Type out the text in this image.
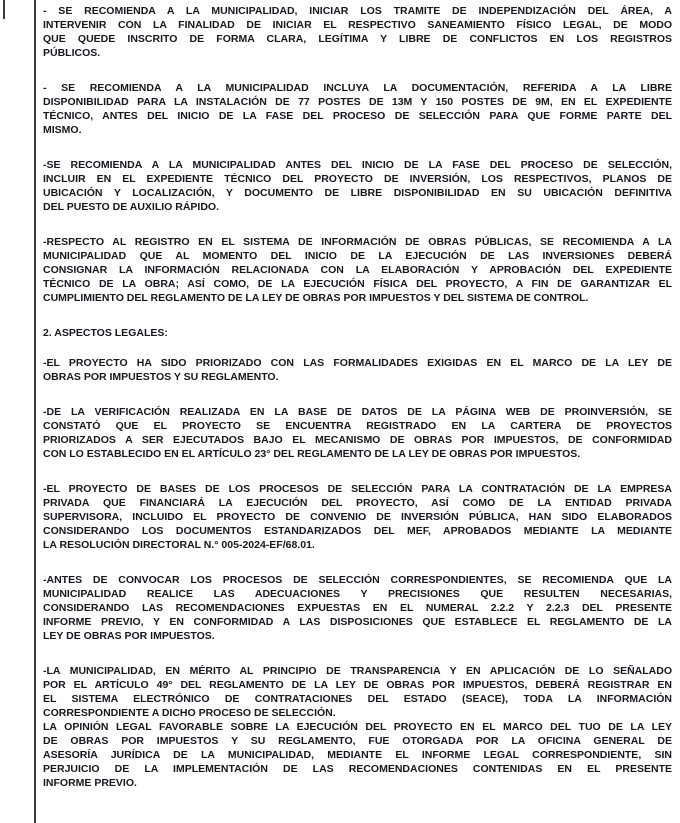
- SE RECOMIENDA A LA MUNICIPALIDAD, INICIAR LOS TRAMITE DE INDEPENDIZACIÓN DEL ÁREA, A
INTERVENIR CON LA FINALIDAD DE INICIAR EL RESPECTIVO SANEAMIENTO FÍSICO LEGAL, DE MODO
QUE QUEDE INSCRITO DE FORMA CLARA, LEGÍTIMA Y LIBRE DE CONFLICTOS EN LOS REGISTROS
PÚBLICOS.
- SE RECOMIENDA A LA MUNICIPALIDAD INCLUYA LA DOCUMENTACIÓN, REFERIDA A LA LIBRE
DISPONIBILIDAD PARA LA INSTALACIÓN DE 77 POSTES DE 13M Y 150 POSTES DE 9M, EN EL EXPEDIENTE
TÉCNICO, ANTES DEL INICIO DE LA FASE DEL PROCESO DE SELECCIÓN PARA QUE FORME PARTE DEL
MISMO.
-SE RECOMIENDA A LA MUNICIPALIDAD ANTES DEL INICIO DE LA FASE DEL PROCESO DE SELECCIÓN,
INCLUIR EN EL EXPEDIENTE TÉCNICO DEL PROYECTO DE INVERSIÓN, LOS RESPECTIVOS, PLANOS DE
UBICACIÓN Y LOCALIZACIÓN, Y DOCUMENTO DE LIBRE DISPONIBILIDAD EN SU UBICACIÓN DEFINITIVA
DEL PUESTO DE AUXILIO RÁPIDO.
-RESPECTO AL REGISTRO EN EL SISTEMA DE INFORMACIÓN DE OBRAS PÚBLICAS, SE RECOMIENDA A LA
MUNICIPALIDAD QUE AL MOMENTO DEL INICIO DE LA EJECUCIÓN DE LAS INVERSIONES DEBERÁ
CONSIGNAR LA INFORMACIÓN RELACIONADA CON LA ELABORACIÓN Y APROBACIÓN DEL EXPEDIENTE
TÉCNICO DE LA OBRA; ASÍ COMO, DE LA EJECUCIÓN FÍSICA DEL PROYECTO, A FIN DE GARANTIZAR EL
CUMPLIMIENTO DEL REGLAMENTO DE LA LEY DE OBRAS POR IMPUESTOS Y DEL SISTEMA DE CONTROL.
2. ASPECTOS LEGALES:
-EL PROYECTO HA SIDO PRIORIZADO CON LAS FORMALIDADES EXIGIDAS EN EL MARCO DE LA LEY DE
OBRAS POR IMPUESTOS Y SU REGLAMENTO.
-DE LA VERIFICACIÓN REALIZADA EN LA BASE DE DATOS DE LA PÁGINA WEB DE PROINVERSIÓN, SE
CONSTATÓ QUE EL PROYECTO SE ENCUENTRA REGISTRADO EN LA CARTERA DE PROYECTOS
PRIORIZADOS A SER EJECUTADOS BAJO EL MECANISMO DE OBRAS POR IMPUESTOS, DE CONFORMIDAD
CON LO ESTABLECIDO EN EL ARTÍCULO 23° DEL REGLAMENTO DE LA LEY DE OBRAS POR IMPUESTOS.
-EL PROYECTO DE BASES DE LOS PROCESOS DE SELECCIÓN PARA LA CONTRATACIÓN DE LA EMPRESA
PRIVADA QUE FINANCIARÁ LA EJECUCIÓN DEL PROYECTO, ASÍ COMO DE LA ENTIDAD PRIVADA
SUPERVISORA, INCLUIDO EL PROYECTO DE CONVENIO DE INVERSIÓN PÚBLICA, HAN SIDO ELABORADOS
CONSIDERANDO LOS DOCUMENTOS ESTANDARIZADOS DEL MEF, APROBADOS MEDIANTE LA MEDIANTE
LA RESOLUCIÓN DIRECTORAL N.° 005-2024-EF/68.01.
-ANTES DE CONVOCAR LOS PROCESOS DE SELECCIÓN CORRESPONDIENTES, SE RECOMIENDA QUE LA
MUNICIPALIDAD REALICE LAS ADECUACIONES Y PRECISIONES QUE RESULTEN NECESARIAS,
CONSIDERANDO LAS RECOMENDACIONES EXPUESTAS EN EL NUMERAL 2.2.2 Y 2.2.3 DEL PRESENTE
INFORME PREVIO, Y EN CONFORMIDAD A LAS DISPOSICIONES QUE ESTABLECE EL REGLAMENTO DE LA
LEY DE OBRAS POR IMPUESTOS.
-LA MUNICIPALIDAD, EN MÉRITO AL PRINCIPIO DE TRANSPARENCIA Y EN APLICACIÓN DE LO SEÑALADO
POR EL ARTÍCULO 49° DEL REGLAMENTO DE LA LEY DE OBRAS POR IMPUESTOS, DEBERÁ REGISTRAR EN
EL SISTEMA ELECTRÓNICO DE CONTRATACIONES DEL ESTADO (SEACE), TODA LA INFORMACIÓN
CORRESPONDIENTE A DICHO PROCESO DE SELECCIÓN.
LA OPINIÓN LEGAL FAVORABLE SOBRE LA EJECUCIÓN DEL PROYECTO EN EL MARCO DEL TUO DE LA LEY
DE OBRAS POR IMPUESTOS Y SU REGLAMENTO, FUE OTORGADA POR LA OFICINA GENERAL DE
ASESORÍA JURÍDICA DE LA MUNICIPALIDAD, MEDIANTE EL INFORME LEGAL CORRESPONDIENTE, SIN
PERJUICIO DE LA IMPLEMENTACIÓN DE LAS RECOMENDACIONES CONTENIDAS EN EL PRESENTE
INFORME PREVIO.
